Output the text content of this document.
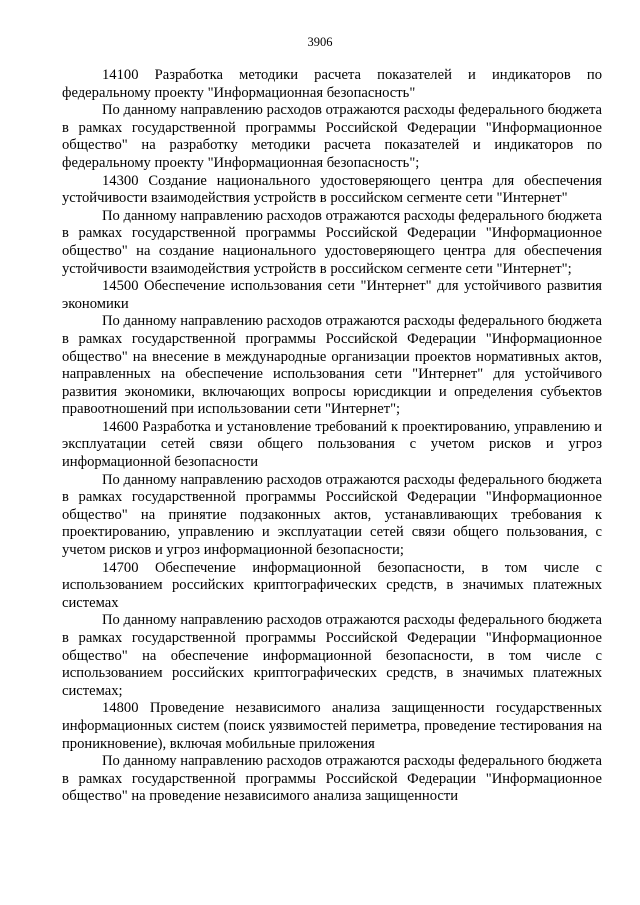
3906

14100 Разработка методики расчета показателей и индикаторов по федеральному проекту "Информационная безопасность"

По данному направлению расходов отражаются расходы федерального бюджета в рамках государственной программы Российской Федерации "Информационное общество" на разработку методики расчета показателей и индикаторов по федеральному проекту "Информационная безопасность";

14300 Создание национального удостоверяющего центра для обеспечения устойчивости взаимодействия устройств в российском сегменте сети "Интернет"

По данному направлению расходов отражаются расходы федерального бюджета в рамках государственной программы Российской Федерации "Информационное общество" на создание национального удостоверяющего центра для обеспечения устойчивости взаимодействия устройств в российском сегменте сети "Интернет";

14500 Обеспечение использования сети "Интернет" для устойчивого развития экономики

По данному направлению расходов отражаются расходы федерального бюджета в рамках государственной программы Российской Федерации "Информационное общество" на внесение в международные организации проектов нормативных актов, направленных на обеспечение использования сети "Интернет" для устойчивого развития экономики, включающих вопросы юрисдикции и определения субъектов правоотношений при использовании сети "Интернет";

14600 Разработка и установление требований к проектированию, управлению и эксплуатации сетей связи общего пользования с учетом рисков и угроз информационной безопасности

По данному направлению расходов отражаются расходы федерального бюджета в рамках государственной программы Российской Федерации "Информационное общество" на принятие подзаконных актов, устанавливающих требования к проектированию, управлению и эксплуатации сетей связи общего пользования, с учетом рисков и угроз информационной безопасности;

14700 Обеспечение информационной безопасности, в том числе с использованием российских криптографических средств, в значимых платежных системах

По данному направлению расходов отражаются расходы федерального бюджета в рамках государственной программы Российской Федерации "Информационное общество" на обеспечение информационной безопасности, в том числе с использованием российских криптографических средств, в значимых платежных системах;

14800 Проведение независимого анализа защищенности государственных информационных систем (поиск уязвимостей периметра, проведение тестирования на проникновение), включая мобильные приложения

По данному направлению расходов отражаются расходы федерального бюджета в рамках государственной программы Российской Федерации "Информационное общество" на проведение независимого анализа защищенности
